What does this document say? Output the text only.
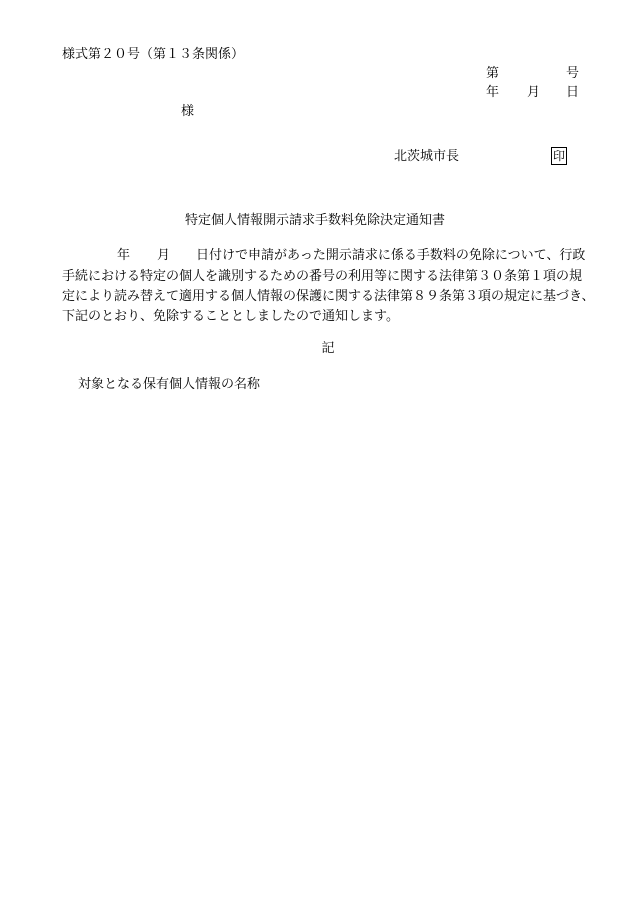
様式第２０号（第１３条関係）
第	号
年 月 日
様
北茨城市長	印
特定個人情報開示請求手数料免除決定通知書
年 月 日付けで申請があった開示請求に係る手数料の免除について、行政
手続における特定の個人を識別するための番号の利用等に関する法律第３０条第１項の規
定により読み替えて適用する個人情報の保護に関する法律第８９条第３項の規定に基づき、
下記のとおり、免除することとしましたので通知します。
記
対象となる保有個人情報の名称
